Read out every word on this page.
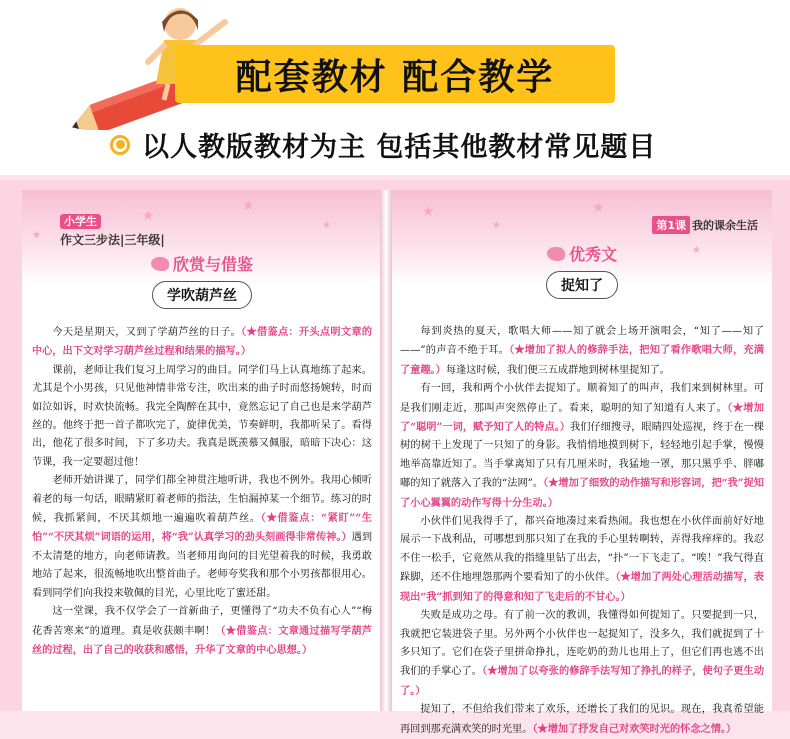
配套教材 配合教学
以人教版教材为主 包括其他教材常见题目
★
★
★
★
小学生
作文三步法|三年级|
欣赏与借鉴
学吹葫芦丝

今天是星期天，又到了学葫芦丝的日子。（★借鉴点：开头点明文章的中心，出下文对学习葫芦丝过程和结果的描写。）

课前，老师让我们复习上周学习的曲目。同学们马上认真地练了起来。尤其是个小男孩，只见他神情非常专注，吹出来的曲子时而悠扬婉转，时而如泣如诉，时欢快流畅。我完全陶醉在其中，竟然忘记了自己也是来学葫芦丝的。他终于把一首子都吹完了，旋律优美，节奏鲜明，我都听呆了。看得出，他花了很多时间，下了多功夫。我真是既羡慕又佩服，暗暗下决心：这节课，我一定要超过他！

老师开始讲课了，同学们都全神贯注地听讲，我也不例外。我用心倾听着老的每一句话，眼睛紧盯着老师的指法，生怕漏掉某一个细节。练习的时候，我抓紧间，不厌其烦地一遍遍吹着葫芦丝。（★借鉴点：“紧盯”“生怕”“不厌其烦”词语的运用，将“我”认真学习的劲头刻画得非常传神。）遇到不太清楚的地方，向老师请教。当老师用询问的目光望着我的时候，我勇敢地站了起来，很流畅地吹出整首曲子。老师夸奖我和那个小男孩都很用心。看到同学们向我投来敬佩的目光，心里比吃了蜜还甜。

这一堂课，我不仅学会了一首新曲子，更懂得了“功夫不负有心人”“梅花香苦寒来”的道理。真是收获颇丰啊！（★借鉴点：文章通过描写学葫芦丝的过程，出了自己的收获和感悟，升华了文章的中心思想。）

★
★
★
★
第1课 我的课余生活
优秀文
捉知了

每到炎热的夏天，歌唱大师——知了就会上场开演唱会，“知了——知了——”的声音不绝于耳。（★增加了拟人的修辞手法，把知了看作歌唱大师，充满了童趣。）每逢这时候，我们便三五成群地到树林里捉知了。

有一回，我和两个小伙伴去捉知了。顺着知了的叫声，我们来到树林里。可是我们刚走近，那叫声突然停止了。看来，聪明的知了知道有人来了。（★增加了“聪明”一词，赋予知了人的特点。）我们仔细搜寻，眼睛四处巡视，终于在一棵树的树干上发现了一只知了的身影。我悄悄地摸到树下，轻轻地引起手掌，慢慢地举高靠近知了。当手掌离知了只有几厘米时，我猛地一罩，那只黑乎乎、胖嘟嘟的知了就落入了我的“法网”。（★增加了细致的动作描写和形容词，把“我”捉知了小心翼翼的动作写得十分生动。）

小伙伴们见我得手了，都兴奋地凑过来看热闹。我也想在小伙伴面前好好地展示一下战利品，可哪想到那只知了在我的手心里转啊转，弄得我痒痒的。我忍不住一松手，它竟然从我的指缝里钻了出去，“扑”一下飞走了。“唉！”我气得直跺脚，还不住地埋怨那两个要看知了的小伙伴。（★增加了两处心理活动描写，表现出“我”抓到知了的得意和知了飞走后的不甘心。）

失败是成功之母。有了前一次的教训，我懂得如何捉知了。只要捉到一只，我就把它装进袋子里。另外两个小伙伴也一起捉知了，没多久，我们就捉到了十多只知了。它们在袋子里拼命挣扎，连吃奶的劲儿也用上了，但它们再也逃不出我们的手掌心了。（★增加了以夸张的修辞手法写知了挣扎的样子，使句子更生动了。）

捉知了，不但给我们带来了欢乐，还增长了我们的见识。现在，我真希望能再回到那充满欢笑的时光里。（★增加了抒发自己对欢笑时光的怀念之情。）
